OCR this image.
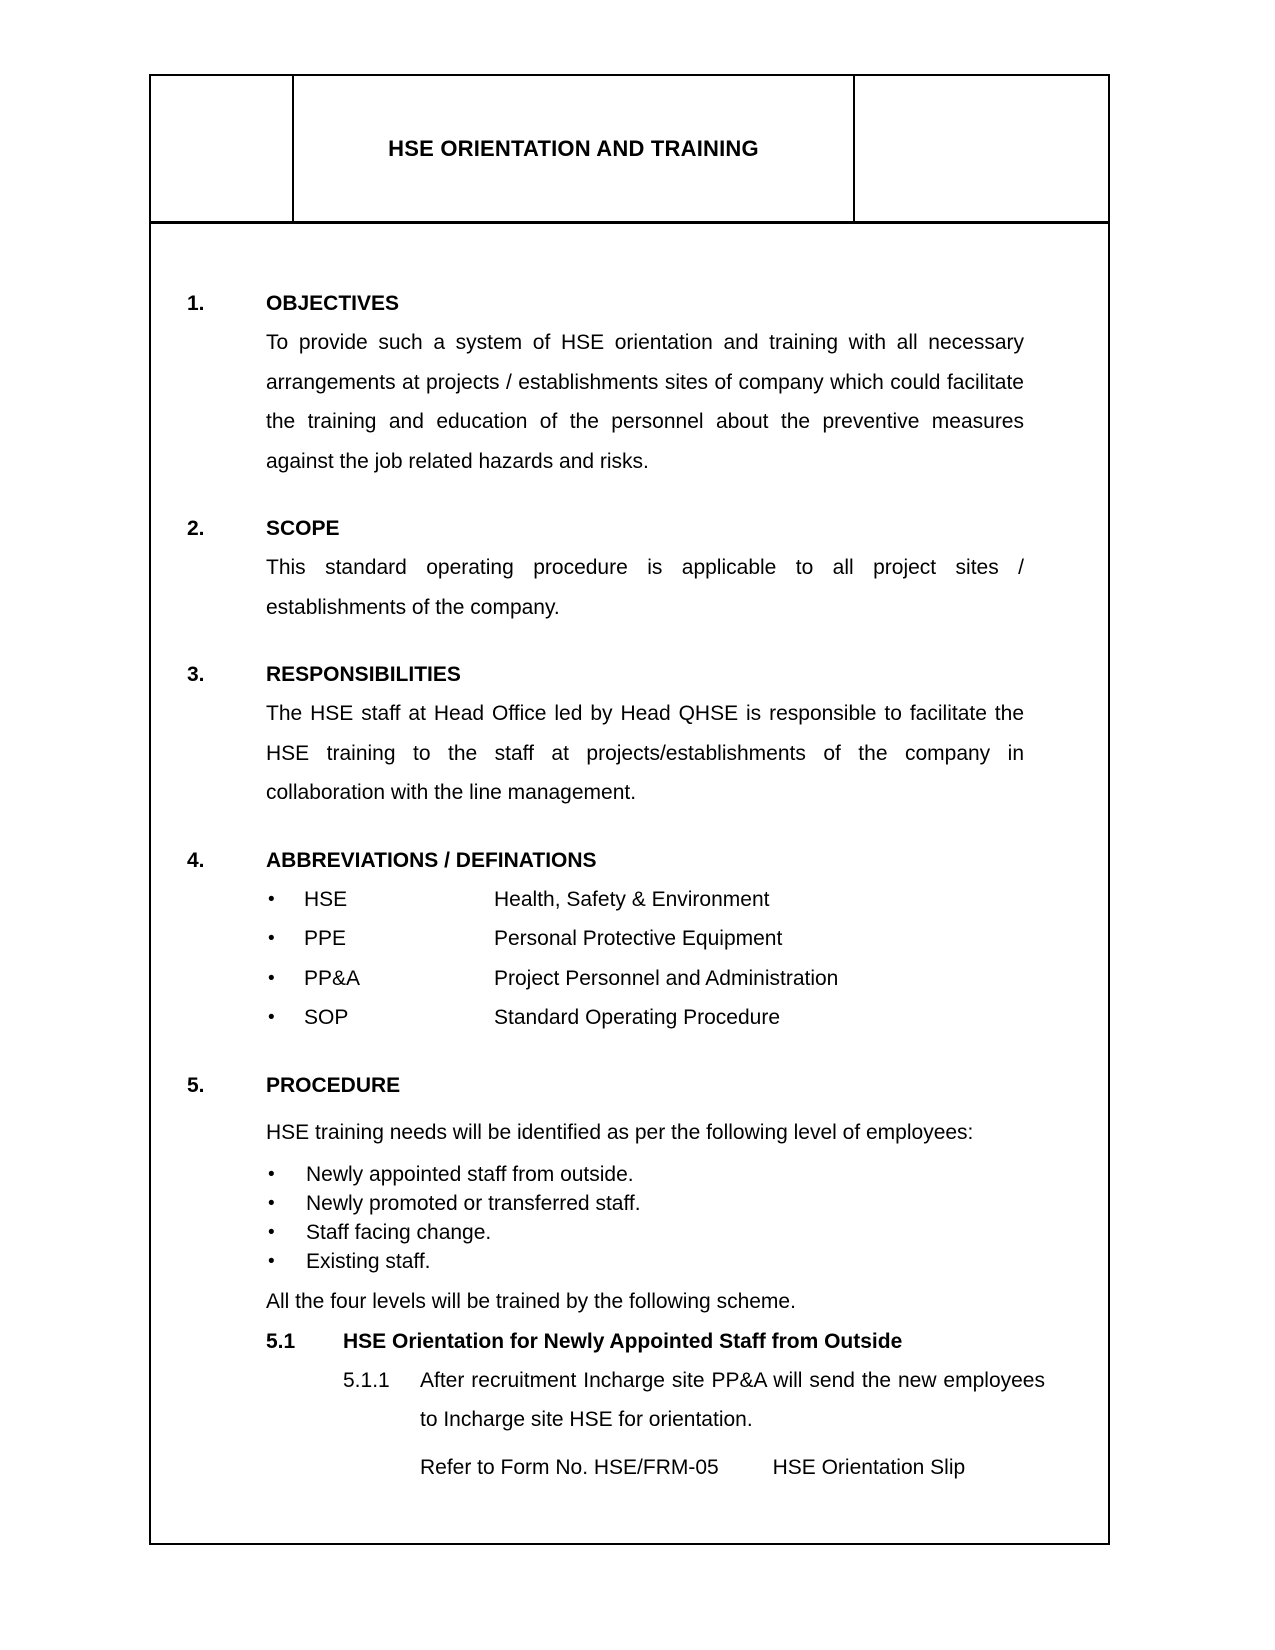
HSE ORIENTATION AND TRAINING
1.	OBJECTIVES

To provide such a system of HSE orientation and training with all necessary arrangements at projects / establishments sites of company which could facilitate the training and education of the personnel about the preventive measures against the job related hazards and risks.

2.	SCOPE

This standard operating procedure is applicable to all project sites / establishments of the company.

3.	RESPONSIBILITIES

The HSE staff at Head Office led by Head QHSE is responsible to facilitate the HSE training to the staff at projects/establishments of the company in collaboration with the line management.

4.	ABBREVIATIONS / DEFINATIONS
•	HSE	Health, Safety & Environment
•	PPE	Personal Protective Equipment
•	PP&A	Project Personnel and Administration
•	SOP	Standard Operating Procedure
5.	PROCEDURE

HSE training needs will be identified as per the following level of employees:

•	Newly appointed staff from outside.
•	Newly promoted or transferred staff.
•	Staff facing change.
•	Existing staff.

All the four levels will be trained by the following scheme.

5.1	HSE Orientation for Newly Appointed Staff from Outside
5.1.1	After recruitment Incharge site PP&A will send the new employees to Incharge site HSE for orientation.

Refer to Form No. HSE/FRM-05	HSE Orientation Slip
